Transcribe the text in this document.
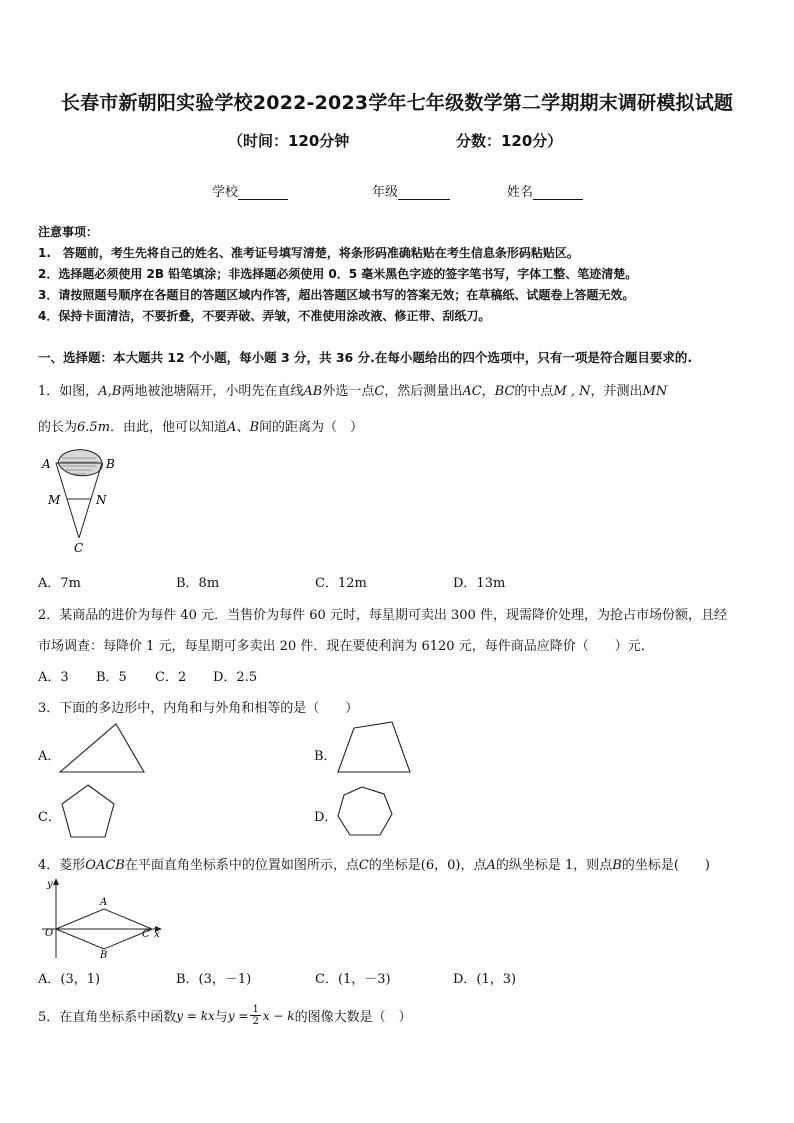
长春市新朝阳实验学校2022-2023学年七年级数学第二学期期末调研模拟试题
（时间：120分钟	分数：120分）
学校	年级	姓名
注意事项：
1.　答题前，考生先将自己的姓名、准考证号填写清楚，将条形码准确粘贴在考生信息条形码粘贴区。
2．选择题必须使用 2B 铅笔填涂；非选择题必须使用 0．5 毫米黑色字迹的签字笔书写，字体工整、笔迹清楚。
3．请按照题号顺序在各题目的答题区域内作答，超出答题区域书写的答案无效；在草稿纸、试题卷上答题无效。
4．保持卡面清洁，不要折叠，不要弄破、弄皱，不准使用涂改液、修正带、刮纸刀。
一、选择题：本大题共 12 个小题，每小题 3 分，共 36 分.在每小题给出的四个选项中，只有一项是符合题目要求的.
1．如图，A,B两地被池塘隔开，小明先在直线AB外选一点C，然后测量出AC，BC的中点M , N，并测出MN
的长为6.5m．由此，他可以知道A、B间的距离为（　）
A	B
M	N
C
A．7m	B．8m	C．12m	D．13m
2．某商品的进价为每件 40 元．当售价为每件 60 元时，每星期可卖出 300 件，现需降价处理，为抢占市场份额，且经
市场调查：每降价 1 元，每星期可多卖出 20 件．现在要使利润为 6120 元，每件商品应降价（　　）元．
A．3 B．5 C．2 D．2.5
3．下面的多边形中，内角和与外角和相等的是（　　）
A．	B．
C．	D．
4．菱形OACB在平面直角坐标系中的位置如图所示，点C的坐标是(6，0)，点A的纵坐标是 1，则点B的坐标是(　　)
y
x
O
A
B
C
A．(3，1)	B．(3，－1)	C．(1，－3)	D．(1，3)
5．在直角坐标系中函数 y = kx 与 $y = \frac{1}{2}$ x − k 的图像大数是（　）
